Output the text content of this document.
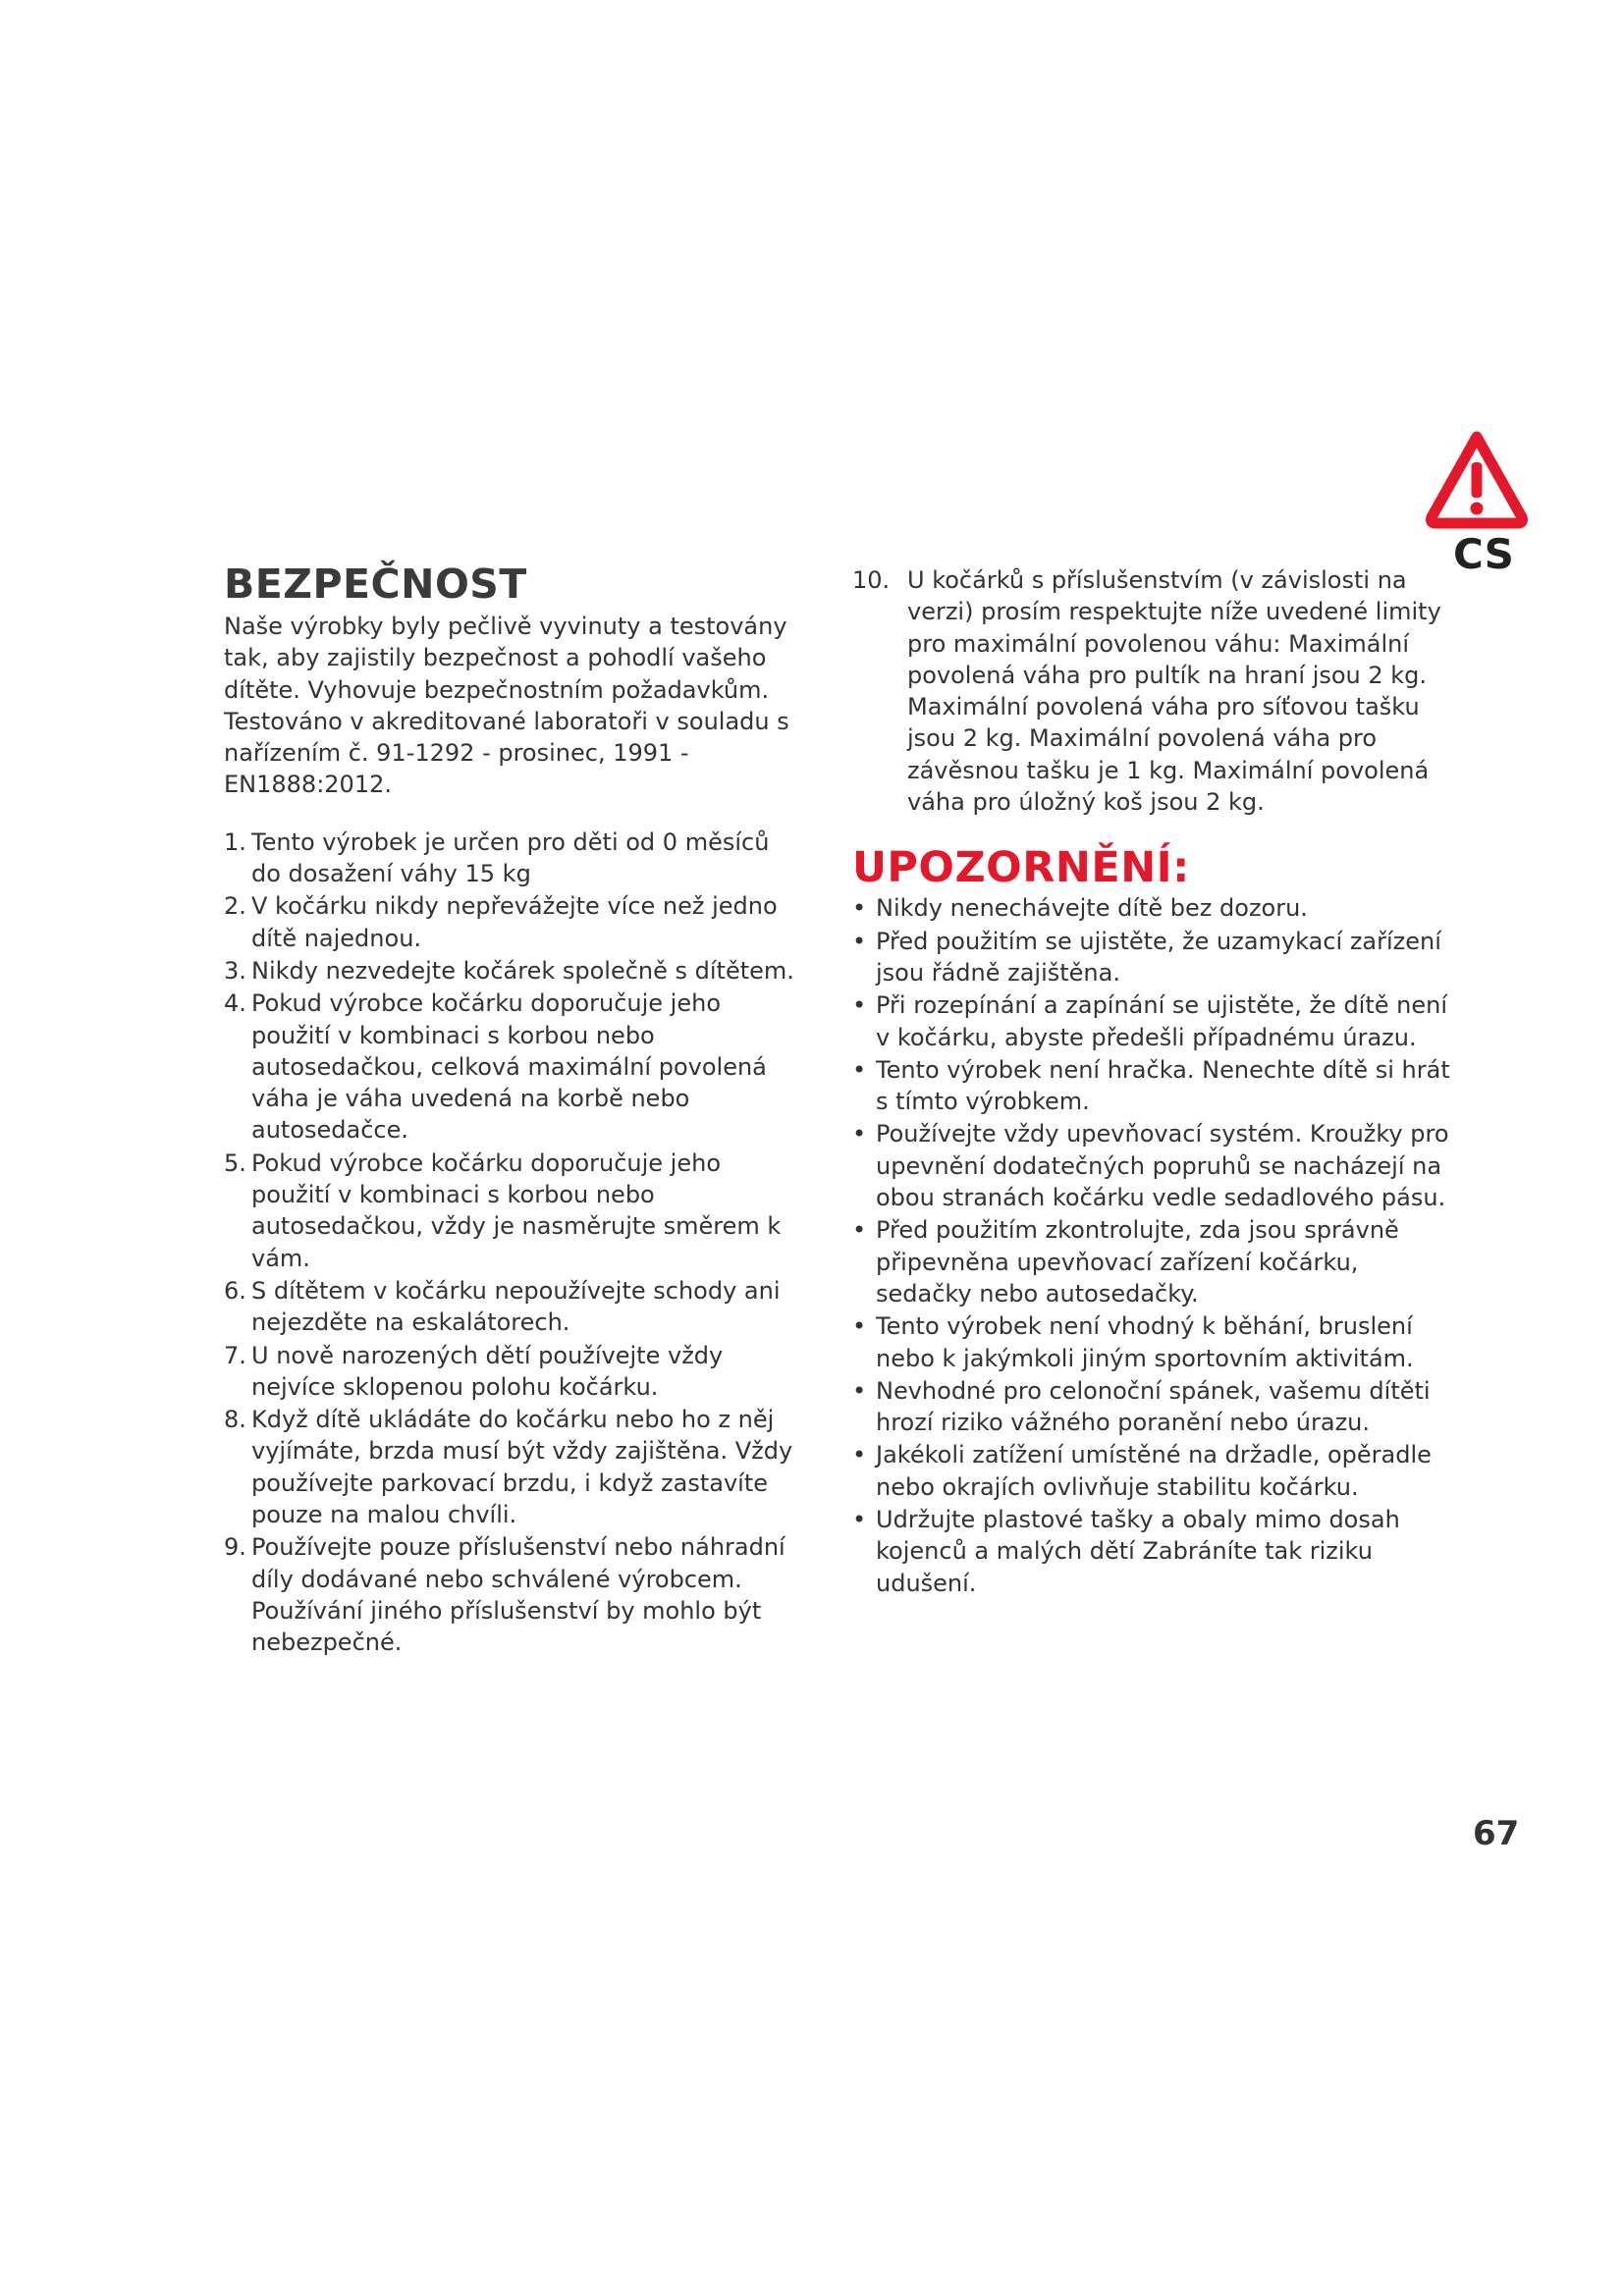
CS
BEZPEČNOST

Naše výrobky byly pečlivě vyvinuty a testovány tak, aby zajistily bezpečnost a pohodlí vašeho dítěte. Vyhovuje bezpečnostním požadavkům. Testováno v akreditované laboratoři v souladu s nařízením č. 91-1292 - prosinec, 1991 - EN1888:2012.

1. Tento výrobek je určen pro děti od 0 měsíců do dosažení váhy 15 kg
2. V kočárku nikdy nepřevážejte více než jedno dítě najednou.
3. Nikdy nezvedejte kočárek společně s dítětem.
4. Pokud výrobce kočárku doporučuje jeho použití v kombinaci s korbou nebo autosedačkou, celková maximální povolená váha je váha uvedená na korbě nebo autosedačce.
5. Pokud výrobce kočárku doporučuje jeho použití v kombinaci s korbou nebo autosedačkou, vždy je nasměrujte směrem k vám.
6. S dítětem v kočárku nepoužívejte schody ani nejezděte na eskalátorech.
7. U nově narozených dětí používejte vždy nejvíce sklopenou polohu kočárku.
8. Když dítě ukládáte do kočárku nebo ho z něj vyjímáte, brzda musí být vždy zajištěna. Vždy používejte parkovací brzdu, i když zastavíte pouze na malou chvíli.
9. Používejte pouze příslušenství nebo náhradní díly dodávané nebo schválené výrobcem. Používání jiného příslušenství by mohlo být nebezpečné.
10. U kočárků s příslušenstvím (v závislosti na verzi) prosím respektujte níže uvedené limity pro maximální povolenou váhu: Maximální povolená váha pro pultík na hraní jsou 2 kg. Maximální povolená váha pro síťovou tašku jsou 2 kg. Maximální povolená váha pro závěsnou tašku je 1 kg. Maximální povolená váha pro úložný koš jsou 2 kg.
UPOZORNĚNÍ:
• Nikdy nenechávejte dítě bez dozoru.
• Před použitím se ujistěte, že uzamykací zařízení jsou řádně zajištěna.
• Při rozepínání a zapínání se ujistěte, že dítě není v kočárku, abyste předešli případnému úrazu.
• Tento výrobek není hračka. Nenechte dítě si hrát s tímto výrobkem.
• Používejte vždy upevňovací systém. Kroužky pro upevnění dodatečných popruhů se nacházejí na obou stranách kočárku vedle sedadlového pásu.
• Před použitím zkontrolujte, zda jsou správně připevněna upevňovací zařízení kočárku, sedačky nebo autosedačky.
• Tento výrobek není vhodný k běhání, bruslení nebo k jakýmkoli jiným sportovním aktivitám.
• Nevhodné pro celonoční spánek, vašemu dítěti hrozí riziko vážného poranění nebo úrazu.
• Jakékoli zatížení umístěné na držadle, opěradle nebo okrajích ovlivňuje stabilitu kočárku.
• Udržujte plastové tašky a obaly mimo dosah kojenců a malých dětí Zabráníte tak riziku udušení.
67
